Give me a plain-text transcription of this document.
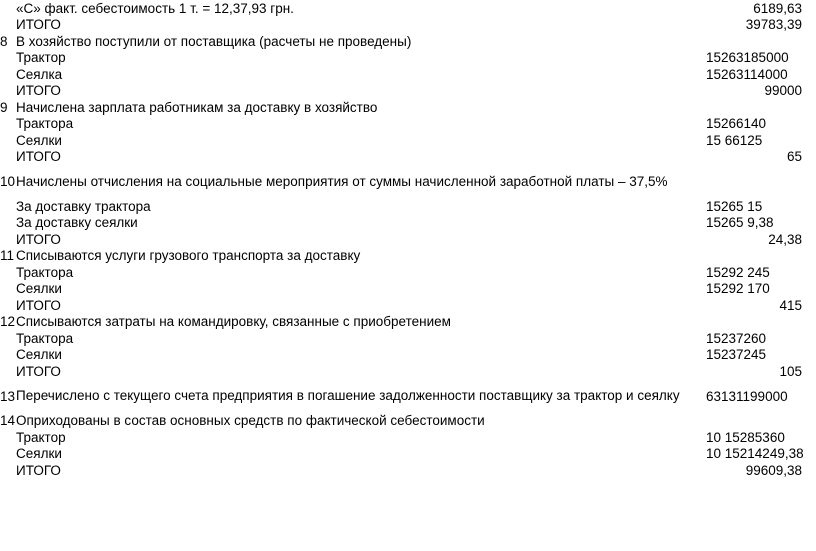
«С» факт. себестоимость 1 т. = 12,37,93 грн.	6189,63
ИТОГО	39783,39
8 В хозяйство поступили от поставщика (расчеты не проведены)
Трактор	15263185000
Сеялка	15263114000
ИТОГО	99000
9 Начислена зарплата работникам за доставку в хозяйство
Трактора	15266140
Сеялки	15 66125
ИТОГО	65
10 Начислены отчисления на социальные мероприятия от суммы начисленной заработной платы – 37,5%
За доставку трактора	15265 15
За доставку сеялки	15265 9,38
ИТОГО	24,38
11 Списываются услуги грузового транспорта за доставку
Трактора	15292 245
Сеялки	15292 170
ИТОГО	415
12 Списываются затраты на командировку, связанные с приобретением
Трактора	15237260
Сеялки	15237245
ИТОГО	105
13 Перечислено с текущего счета предприятия в погашение задолженности поставщику за трактор и сеялку	63131199000
14 Оприходованы в состав основных средств по фактической себестоимости
Трактор	10 15285360
Сеялки	10 15214249,38
ИТОГО	99609,38
